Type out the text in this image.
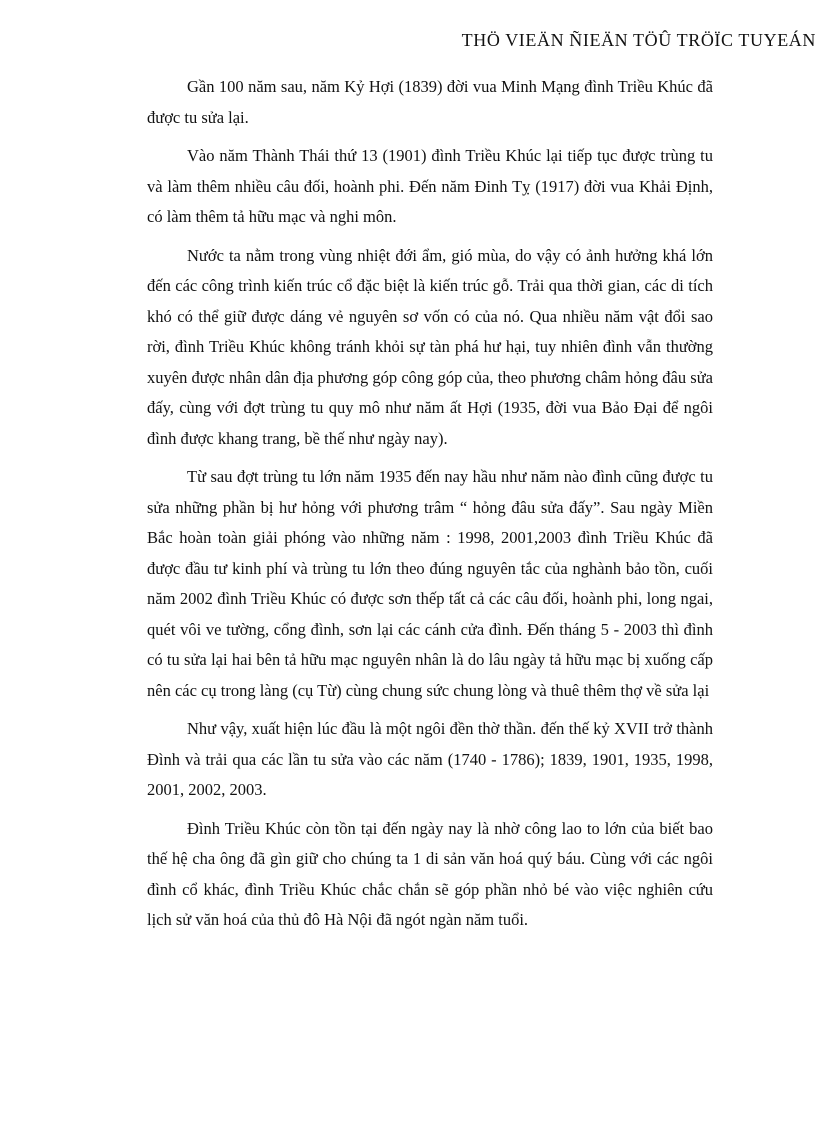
THÖ VIEÄN ÑIEÄN TÖÛ TRÖÏC TUYEÁN

Gần 100 năm sau, năm Kỷ Hợi (1839) đời vua Minh Mạng đình Triều Khúc đã được tu sửa lại.

Vào năm Thành Thái thứ 13 (1901) đình Triều Khúc lại tiếp tục được trùng tu và làm thêm nhiều câu đối, hoành phi. Đến năm Đinh Tỵ (1917) đời vua Khải Định, có làm thêm tả hữu mạc và nghi môn.

Nước ta nằm trong vùng nhiệt đới ẩm, gió mùa, do vậy có ảnh hưởng khá lớn đến các công trình kiến trúc cổ đặc biệt là kiến trúc gỗ. Trải qua thời gian, các di tích khó có thể giữ được dáng vẻ nguyên sơ vốn có của nó. Qua nhiều năm vật đổi sao rời, đình Triều Khúc không tránh khỏi sự tàn phá hư hại, tuy nhiên đình vẫn thường xuyên được nhân dân địa phương góp công góp của, theo phương châm hỏng đâu sửa đấy, cùng với đợt trùng tu quy mô như năm ất Hợi (1935, đời vua Bảo Đại để ngôi đình được khang trang, bề thế như ngày nay).

Từ sau đợt trùng tu lớn năm 1935 đến nay hầu như năm nào đình cũng được tu sửa những phần bị hư hỏng với phương trâm “ hỏng đâu sửa đấy”. Sau ngày Miền Bắc hoàn toàn giải phóng vào những năm : 1998, 2001,2003 đình Triều Khúc đã được đầu tư kinh phí và trùng tu lớn theo đúng nguyên tắc của nghành bảo tồn, cuối năm 2002 đình Triều Khúc có được sơn thếp tất cả các câu đối, hoành phi, long ngai, quét vôi ve tường, cổng đình, sơn lại các cánh cửa đình. Đến tháng 5 - 2003 thì đình có tu sửa lại hai bên tả hữu mạc nguyên nhân là do lâu ngày tả hữu mạc bị xuống cấp nên các cụ trong làng (cụ Từ) cùng chung sức chung lòng và thuê thêm thợ về sửa lại

Như vậy, xuất hiện lúc đầu là một ngôi đền thờ thần. đến thế kỷ XVII trở thành Đình và trải qua các lần tu sửa vào các năm (1740 - 1786); 1839, 1901, 1935, 1998, 2001, 2002, 2003.

Đình Triều Khúc còn tồn tại đến ngày nay là nhờ công lao to lớn của biết bao thế hệ cha ông đã gìn giữ cho chúng ta 1 di sản văn hoá quý báu. Cùng với các ngôi đình cổ khác, đình Triều Khúc chắc chắn sẽ góp phần nhỏ bé vào việc nghiên cứu lịch sử văn hoá của thủ đô Hà Nội đã ngót ngàn năm tuổi.
